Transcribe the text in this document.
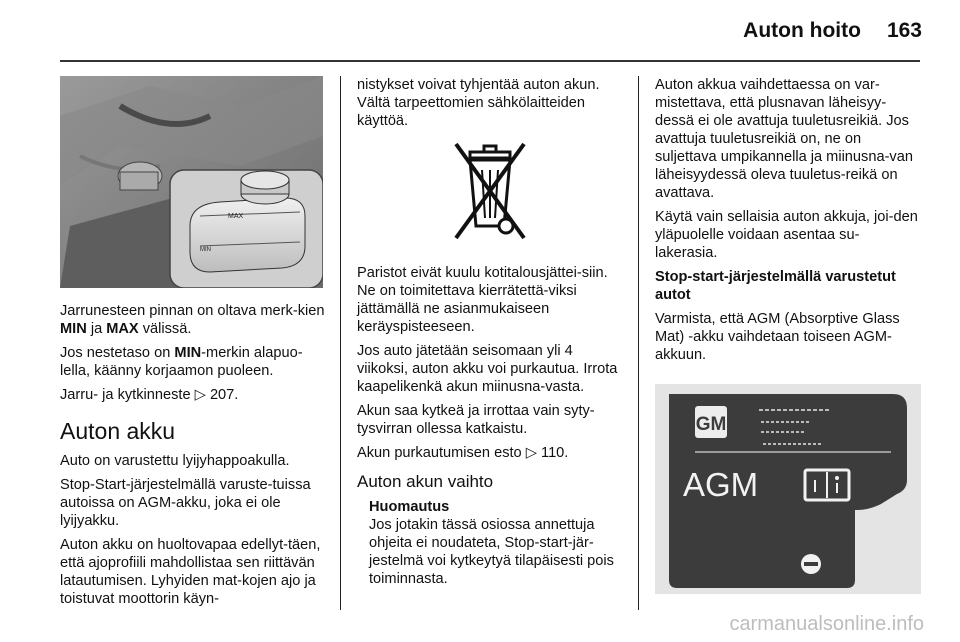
Auton hoito 163
MAX
MIN

Jarrunesteen pinnan on oltava merk-kien MIN ja MAX välissä.

Jos nestetaso on MIN-merkin alapuo-lella, käänny korjaamon puoleen.

Jarru- ja kytkinneste ▷ 207.

Auton akku

Auto on varustettu lyijyhappoakulla.

Stop-Start-järjestelmällä varuste-tuissa autoissa on AGM-akku, joka ei ole lyijyakku.

Auton akku on huoltovapaa edellyt-täen, että ajoprofiili mahdollistaa sen riittävän latautumisen. Lyhyiden mat-kojen ajo ja toistuvat moottorin käyn-

nistykset voivat tyhjentää auton akun. Vältä tarpeettomien sähkölaitteiden käyttöä.

Paristot eivät kuulu kotitalousjättei-siin. Ne on toimitettava kierrätettä-viksi jättämällä ne asianmukaiseen keräyspisteeseen.

Jos auto jätetään seisomaan yli 4 viikoksi, auton akku voi purkautua. Irrota kaapelikenkä akun miinusna-vasta.

Akun saa kytkeä ja irrottaa vain syty-tysvirran ollessa katkaistu.

Akun purkautumisen esto ▷ 110.

Auton akun vaihto
Huomautus
Jos jotakin tässä osiossa annettuja ohjeita ei noudateta, Stop-start-jär-jestelmä voi kytkeytyä tilapäisesti pois toiminnasta.

Auton akkua vaihdettaessa on var-mistettava, että plusnavan läheisyy-dessä ei ole avattuja tuuletusreikiä. Jos avattuja tuuletusreikiä on, ne on suljettava umpikannella ja miinusna-van läheisyydessä oleva tuuletus-reikä on avattava.

Käytä vain sellaisia auton akkuja, joi-den yläpuolelle voidaan asentaa su-lakerasia.

Stop-start-järjestelmällä varustetut autot

Varmista, että AGM (Absorptive Glass Mat) -akku vaihdetaan toiseen AGM-akkuun.

GM
AGM
carmanualsonline.info
